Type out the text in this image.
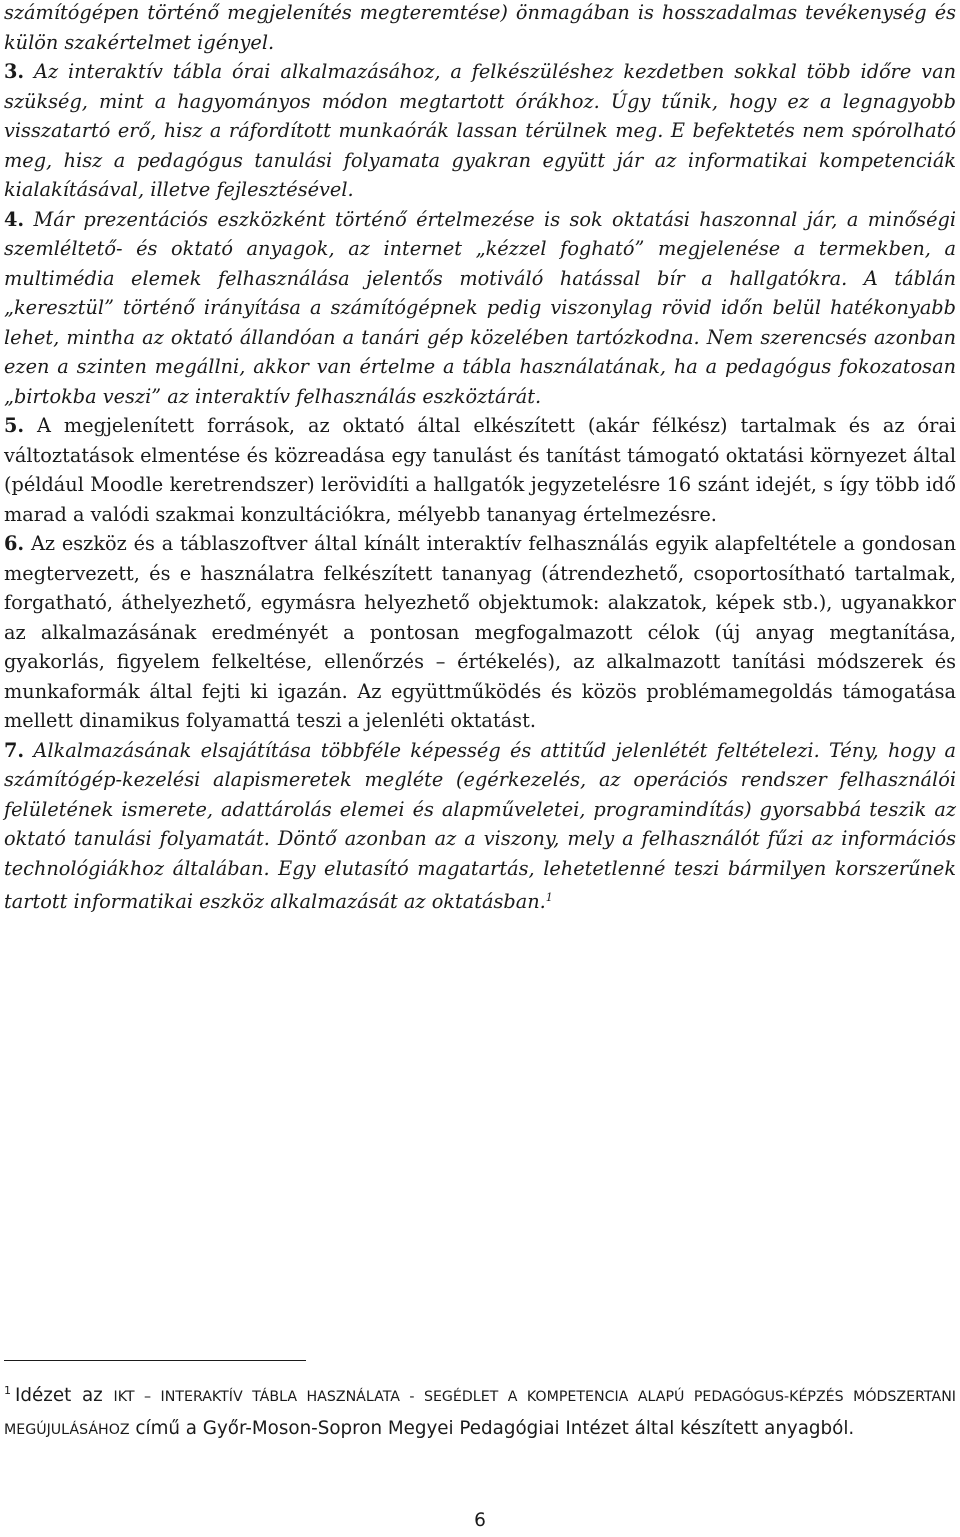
számítógépen történő megjelenítés megteremtése) önmagában is hosszadalmas tevékenység és külön szakértelmet igényel.

3. Az interaktív tábla órai alkalmazásához, a felkészüléshez kezdetben sokkal több időre van szükség, mint a hagyományos módon megtartott órákhoz. Úgy tűnik, hogy ez a legnagyobb visszatartó erő, hisz a ráfordított munkaórák lassan térülnek meg. E befektetés nem spórolható meg, hisz a pedagógus tanulási folyamata gyakran együtt jár az informatikai kompetenciák kialakításával, illetve fejlesztésével.

4. Már prezentációs eszközként történő értelmezése is sok oktatási haszonnal jár, a minőségi szemléltető- és oktató anyagok, az internet „kézzel fogható” megjelenése a termekben, a multimédia elemek felhasználása jelentős motiváló hatással bír a hallgatókra. A táblán „keresztül” történő irányítása a számítógépnek pedig viszonylag rövid időn belül hatékonyabb lehet, mintha az oktató állandóan a tanári gép közelében tartózkodna. Nem szerencsés azonban ezen a szinten megállni, akkor van értelme a tábla használatának, ha a pedagógus fokozatosan „birtokba veszi” az interaktív felhasználás eszköztárát.

5. A megjelenített források, az oktató által elkészített (akár félkész) tartalmak és az órai változtatások elmentése és közreadása egy tanulást és tanítást támogató oktatási környezet által (például Moodle keretrendszer) lerövidíti a hallgatók jegyzetelésre 16 szánt idejét, s így több idő marad a valódi szakmai konzultációkra, mélyebb tananyag értelmezésre.

6. Az eszköz és a táblaszoftver által kínált interaktív felhasználás egyik alapfeltétele a gondosan megtervezett, és e használatra felkészített tananyag (átrendezhető, csoportosítható tartalmak, forgatható, áthelyezhető, egymásra helyezhető objektumok: alakzatok, képek stb.), ugyanakkor az alkalmazásának eredményét a pontosan megfogalmazott célok (új anyag megtanítása, gyakorlás, figyelem felkeltése, ellenőrzés – értékelés), az alkalmazott tanítási módszerek és munkaformák által fejti ki igazán. Az együttműködés és közös problémamegoldás támogatása mellett dinamikus folyamattá teszi a jelenléti oktatást.

7. Alkalmazásának elsajátítása többféle képesség és attitűd jelenlétét feltételezi. Tény, hogy a számítógép-kezelési alapismeretek megléte (egérkezelés, az operációs rendszer felhasználói felületének ismerete, adattárolás elemei és alapműveletei, programindítás) gyorsabbá teszik az oktató tanulási folyamatát. Döntő azonban az a viszony, mely a felhasználót fűzi az információs technológiákhoz általában. Egy elutasító magatartás, lehetetlenné teszi bármilyen korszerűnek tartott informatikai eszköz alkalmazását az oktatásban.$^1$

$^1$ Idézet az IKT – INTERAKTÍV TÁBLA HASZNÁLATA - SEGÉDLET A KOMPETENCIA ALAPÚ PEDAGÓGUS-KÉPZÉS MÓDSZERTANI MEGÚJULÁSÁHOZ című a Győr-Moson-Sopron Megyei Pedagógiai Intézet által készített anyagból.
6
